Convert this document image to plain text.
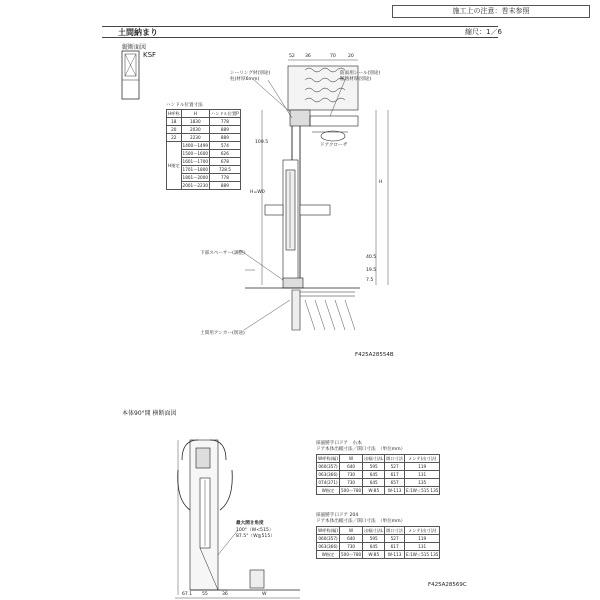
施工上の注意：巻末参照
土間納まり	縮尺：1／6
縦断面図
KSF
ハンドル位置寸法
H呼称	H	ハンドル位置P
18	1830	778
20	2030	889
22	2230	889
H指定	1400〜1499	574
	1500〜1600	626
	1601〜1700	678
	1701〜1800	728.5
	1801〜2000	778
	2001〜2230	889
52 36	70	20
109.5
H
H=W0
40.5
19.5
7.5
シーリング材(別途)
柱(材厚6mm)
防雨用シール(別途)
断熱材厚(別途)
ドアクローザ
下部スペーサー(調整)
土間用アンカー(別途)
F425A28554B
本体90°開 横断面図
最大開き角度
100°（W<515）
87.5°（W≧515）
採風勝手口ドア　右本
ドア本体出幅寸法／開口寸法　（単位mm）
W呼称(幅)	W	出幅寸法L	開口寸法	メンテ(出寸法)
060(357)	640	595	527	119
063(366)	730	645	617	131
074(371)	730	645	657	135
W指定	500〜780	W-85	W-113	E:1W＜515 135
採風勝手口ドア 204
ドア本体出幅寸法／開口寸法　（単位mm）
W呼称(幅)	W	出幅寸法L	開口寸法	メンテ(出寸法)
060(357)	640	595	527	119
063(366)	730	645	617	131
W指定	500〜780	W-85	W-113	E:1W＜515 135
67.1 55	36	W
F425A28569C
